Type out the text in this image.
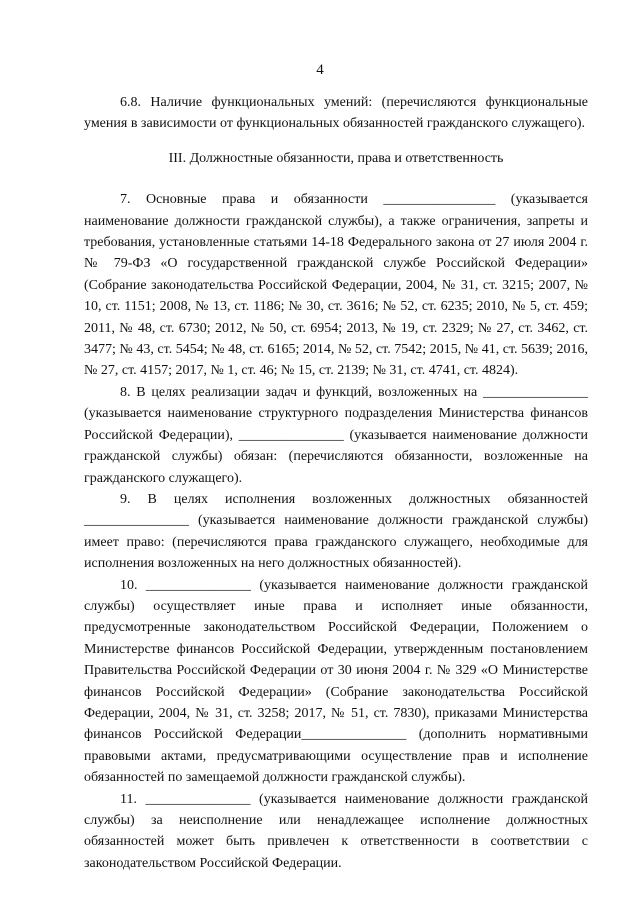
4

6.8. Наличие функциональных умений: (перечисляются функциональные умения в зависимости от функциональных обязанностей гражданского служащего).

III. Должностные обязанности, права и ответственность

7. Основные права и обязанности ________________ (указывается наименование должности гражданской службы), а также ограничения, запреты и требования, установленные статьями 14-18 Федерального закона от 27 июля 2004 г. № 79-ФЗ «О государственной гражданской службе Российской Федерации» (Собрание законодательства Российской Федерации, 2004, № 31, ст. 3215; 2007, № 10, ст. 1151; 2008, № 13, ст. 1186; № 30, ст. 3616; № 52, ст. 6235; 2010, № 5, ст. 459; 2011, № 48, ст. 6730; 2012, № 50, ст. 6954; 2013, № 19, ст. 2329; № 27, ст. 3462, ст. 3477; № 43, ст. 5454; № 48, ст. 6165; 2014, № 52, ст. 7542; 2015, № 41, ст. 5639; 2016, № 27, ст. 4157; 2017, № 1, ст. 46; № 15, ст. 2139; № 31, ст. 4741, ст. 4824).

8. В целях реализации задач и функций, возложенных на _______________ (указывается наименование структурного подразделения Министерства финансов Российской Федерации), _______________ (указывается наименование должности гражданской службы) обязан: (перечисляются обязанности, возложенные на гражданского служащего).

9. В целях исполнения возложенных должностных обязанностей _______________ (указывается наименование должности гражданской службы) имеет право: (перечисляются права гражданского служащего, необходимые для исполнения возложенных на него должностных обязанностей).

10. _______________ (указывается наименование должности гражданской службы) осуществляет иные права и исполняет иные обязанности, предусмотренные законодательством Российской Федерации, Положением о Министерстве финансов Российской Федерации, утвержденным постановлением Правительства Российской Федерации от 30 июня 2004 г. № 329 «О Министерстве финансов Российской Федерации» (Собрание законодательства Российской Федерации, 2004, № 31, ст. 3258; 2017, № 51, ст. 7830), приказами Министерства финансов Российской Федерации_______________ (дополнить нормативными правовыми актами, предусматривающими осуществление прав и исполнение обязанностей по замещаемой должности гражданской службы).

11. _______________ (указывается наименование должности гражданской службы) за неисполнение или ненадлежащее исполнение должностных обязанностей может быть привлечен к ответственности в соответствии с законодательством Российской Федерации.
